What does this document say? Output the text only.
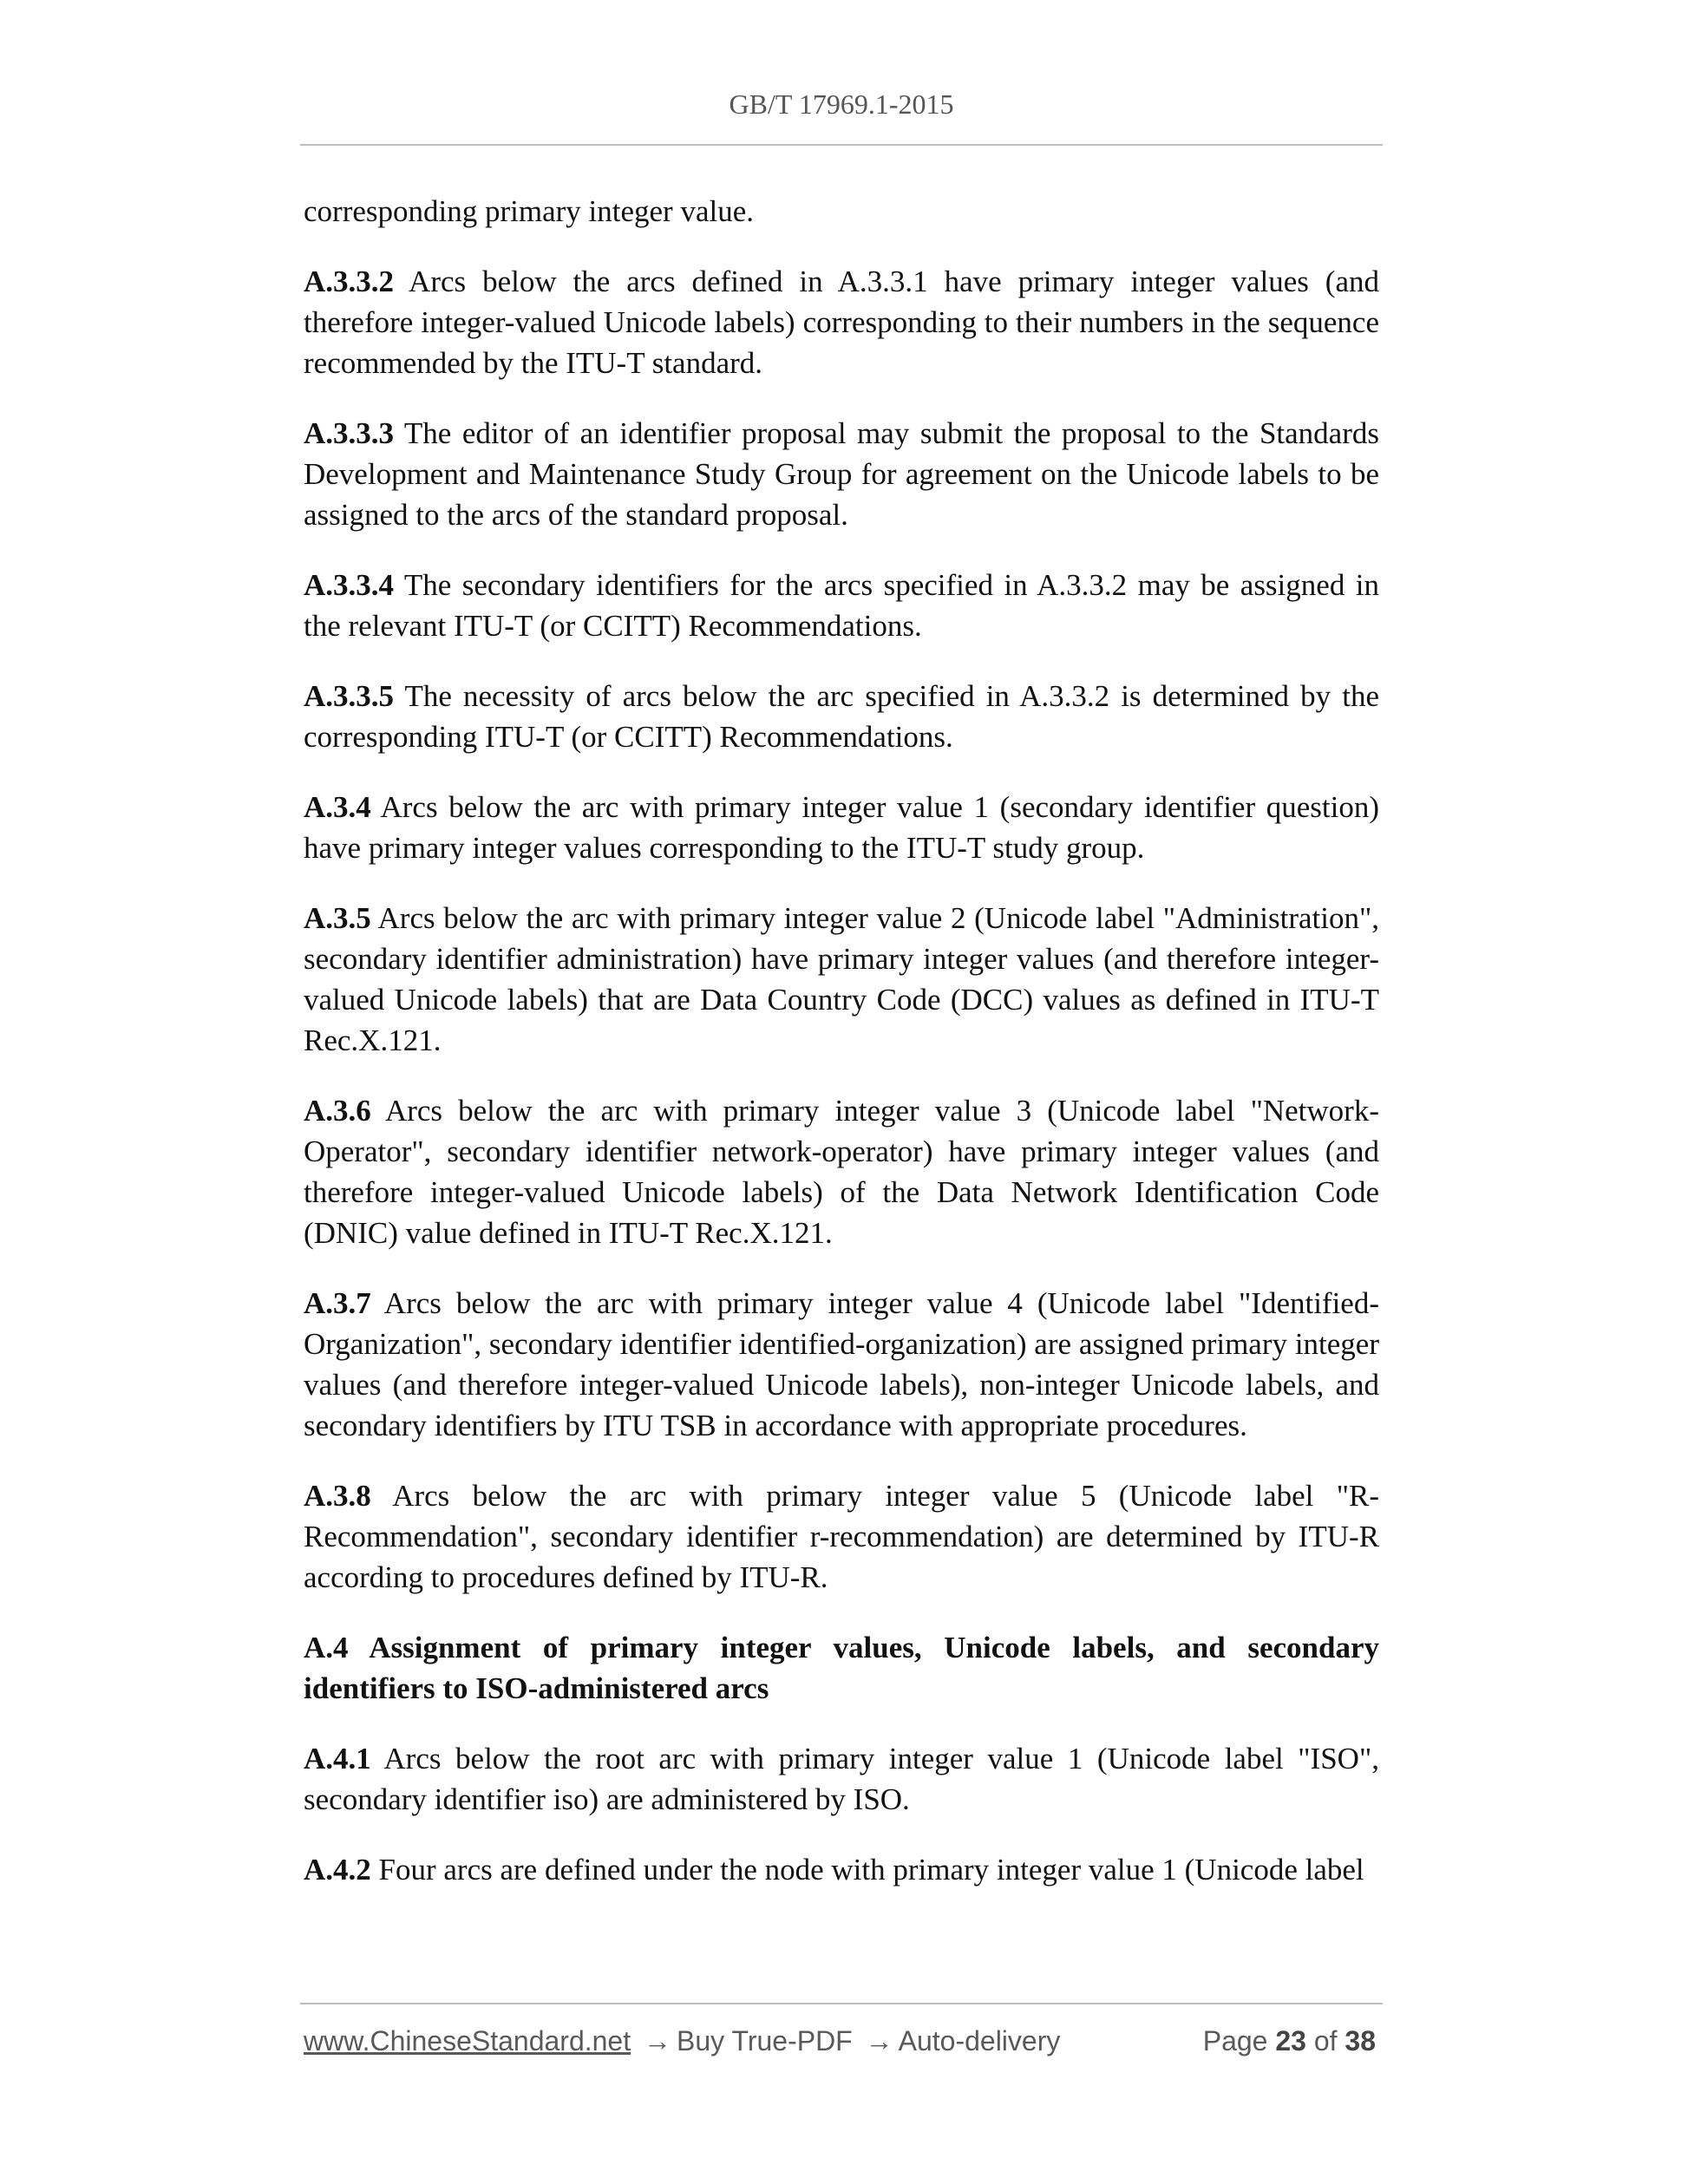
GB/T 17969.1-2015

corresponding primary integer value.

A.3.3.2 Arcs below the arcs defined in A.3.3.1 have primary integer values (and therefore integer-valued Unicode labels) corresponding to their numbers in the sequence recommended by the ITU-T standard.

A.3.3.3 The editor of an identifier proposal may submit the proposal to the Standards Development and Maintenance Study Group for agreement on the Unicode labels to be assigned to the arcs of the standard proposal.

A.3.3.4 The secondary identifiers for the arcs specified in A.3.3.2 may be assigned in the relevant ITU-T (or CCITT) Recommendations.

A.3.3.5 The necessity of arcs below the arc specified in A.3.3.2 is determined by the corresponding ITU-T (or CCITT) Recommendations.

A.3.4 Arcs below the arc with primary integer value 1 (secondary identifier question) have primary integer values corresponding to the ITU-T study group.

A.3.5 Arcs below the arc with primary integer value 2 (Unicode label "Administration", secondary identifier administration) have primary integer values (and therefore integer-valued Unicode labels) that are Data Country Code (DCC) values as defined in ITU-T Rec.X.121.

A.3.6 Arcs below the arc with primary integer value 3 (Unicode label "Network-Operator", secondary identifier network-operator) have primary integer values (and therefore integer-valued Unicode labels) of the Data Network Identification Code (DNIC) value defined in ITU-T Rec.X.121.

A.3.7 Arcs below the arc with primary integer value 4 (Unicode label "Identified-Organization", secondary identifier identified-organization) are assigned primary integer values (and therefore integer-valued Unicode labels), non-integer Unicode labels, and secondary identifiers by ITU TSB in accordance with appropriate procedures.

A.3.8 Arcs below the arc with primary integer value 5 (Unicode label "R-Recommendation", secondary identifier r-recommendation) are determined by ITU-R according to procedures defined by ITU-R.

A.4 Assignment of primary integer values, Unicode labels, and secondary identifiers to ISO-administered arcs

A.4.1 Arcs below the root arc with primary integer value 1 (Unicode label "ISO", secondary identifier iso) are administered by ISO.

A.4.2 Four arcs are defined under the node with primary integer value 1 (Unicode label

www.ChineseStandard.net → Buy True-PDF → Auto-delivery	Page 23 of 38
